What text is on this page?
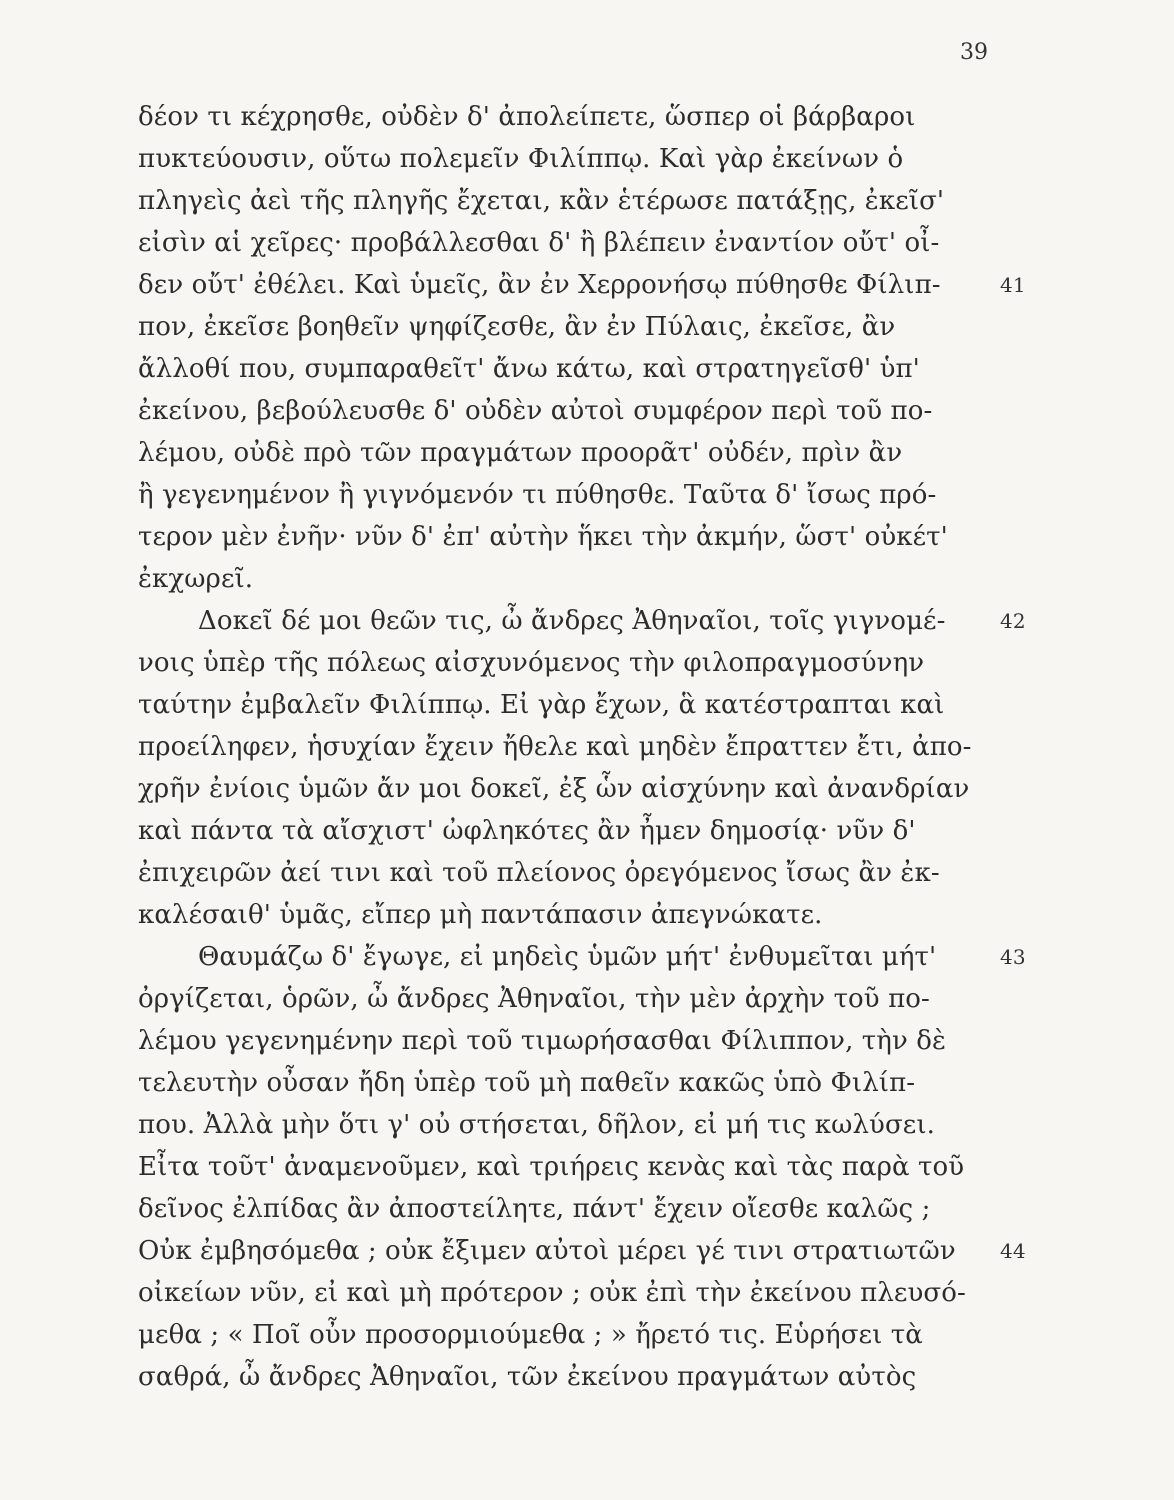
39
δέον τι κέχρησθε, οὐδὲν δ' ἀπολείπετε, ὥσπερ οἱ βάρβαροι
πυκτεύουσιν, οὕτω πολεμεῖν Φιλίππῳ. Καὶ γὰρ ἐκείνων ὁ
πληγεὶς ἀεὶ τῆς πληγῆς ἔχεται, κἂν ἑτέρωσε πατάξῃς, ἐκεῖσ'
εἰσὶν αἱ χεῖρες· προβάλλεσθαι δ' ἢ βλέπειν ἐναντίον οὔτ' οἶ-
δεν οὔτ' ἐθέλει. Καὶ ὑμεῖς, ἂν ἐν Χερρονήσῳ πύθησθε Φίλιπ-	41
πον, ἐκεῖσε βοηθεῖν ψηφίζεσθε, ἂν ἐν Πύλαις, ἐκεῖσε, ἂν
ἄλλοθί που, συμπαραθεῖτ' ἄνω κάτω, καὶ στρατηγεῖσθ' ὑπ'
ἐκείνου, βεβούλευσθε δ' οὐδὲν αὐτοὶ συμφέρον περὶ τοῦ πο-
λέμου, οὐδὲ πρὸ τῶν πραγμάτων προορᾶτ' οὐδέν, πρὶν ἂν
ἢ γεγενημένον ἢ γιγνόμενόν τι πύθησθε. Ταῦτα δ' ἴσως πρό-
τερον μὲν ἐνῆν· νῦν δ' ἐπ' αὐτὴν ἥκει τὴν ἀκμήν, ὥστ' οὐκέτ'
ἐκχωρεῖ.
Δοκεῖ δέ μοι θεῶν τις, ὦ ἄνδρες Ἀθηναῖοι, τοῖς γιγνομέ-	42
νοις ὑπὲρ τῆς πόλεως αἰσχυνόμενος τὴν φιλοπραγμοσύνην
ταύτην ἐμβαλεῖν Φιλίππῳ. Εἰ γὰρ ἔχων, ἃ κατέστραπται καὶ
προείληφεν, ἡσυχίαν ἔχειν ἤθελε καὶ μηδὲν ἔπραττεν ἔτι, ἀπο-
χρῆν ἐνίοις ὑμῶν ἄν μοι δοκεῖ, ἐξ ὧν αἰσχύνην καὶ ἀνανδρίαν
καὶ πάντα τὰ αἴσχιστ' ὠφληκότες ἂν ἦμεν δημοσίᾳ· νῦν δ'
ἐπιχειρῶν ἀεί τινι καὶ τοῦ πλείονος ὀρεγόμενος ἴσως ἂν ἐκ-
καλέσαιθ' ὑμᾶς, εἴπερ μὴ παντάπασιν ἀπεγνώκατε.
Θαυμάζω δ' ἔγωγε, εἰ μηδεὶς ὑμῶν μήτ' ἐνθυμεῖται μήτ'	43
ὀργίζεται, ὁρῶν, ὦ ἄνδρες Ἀθηναῖοι, τὴν μὲν ἀρχὴν τοῦ πο-
λέμου γεγενημένην περὶ τοῦ τιμωρήσασθαι Φίλιππον, τὴν δὲ
τελευτὴν οὖσαν ἤδη ὑπὲρ τοῦ μὴ παθεῖν κακῶς ὑπὸ Φιλίπ-
που. Ἀλλὰ μὴν ὅτι γ' οὐ στήσεται, δῆλον, εἰ μή τις κωλύσει.
Εἶτα τοῦτ' ἀναμενοῦμεν, καὶ τριήρεις κενὰς καὶ τὰς παρὰ τοῦ
δεῖνος ἐλπίδας ἂν ἀποστείλητε, πάντ' ἔχειν οἴεσθε καλῶς ;
Οὐκ ἐμβησόμεθα ; οὐκ ἔξιμεν αὐτοὶ μέρει γέ τινι στρατιωτῶν 44
οἰκείων νῦν, εἰ καὶ μὴ πρότερον ; οὐκ ἐπὶ τὴν ἐκείνου πλευσό-
μεθα ; « Ποῖ οὖν προσορμιούμεθα ; » ἤρετό τις. Εὑρήσει τὰ
σαθρά, ὦ ἄνδρες Ἀθηναῖοι, τῶν ἐκείνου πραγμάτων αὐτὸς
